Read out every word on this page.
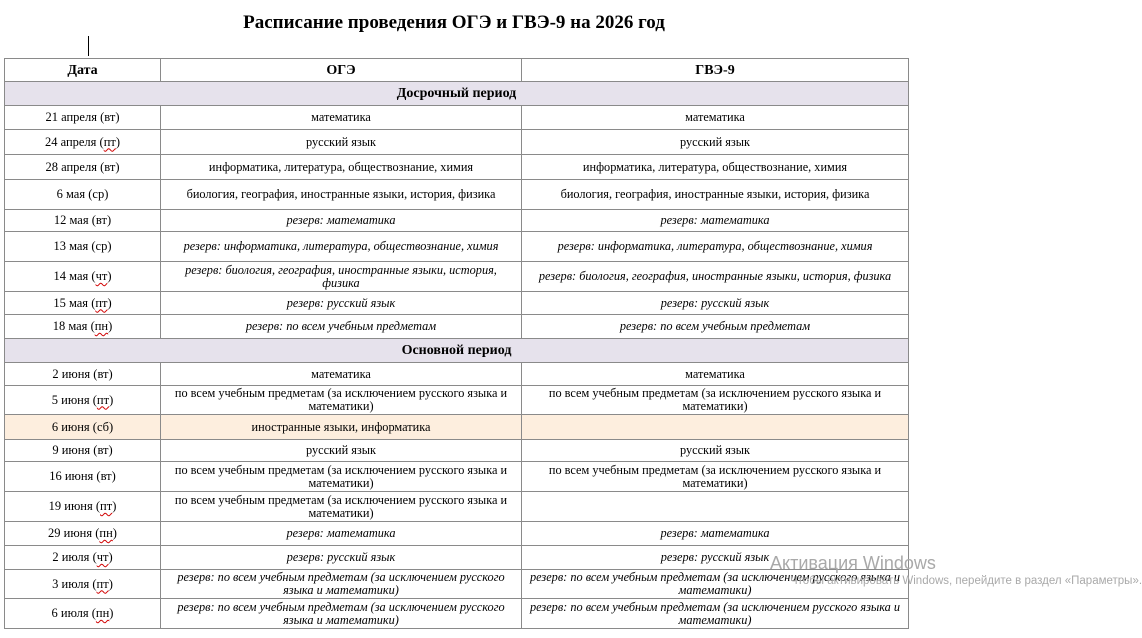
Расписание проведения ОГЭ и ГВЭ-9 на 2026 год
Дата	ОГЭ	ГВЭ-9
Досрочный период		
21 апреля (вт)	математика	математика
24 апреля (пт)	русский язык	русский язык
28 апреля (вт)	информатика, литература, обществознание, химия	информатика, литература, обществознание, химия
6 мая (ср)	биология, география, иностранные языки, история, физика	биология, география, иностранные языки, история, физика
12 мая (вт)	резерв: математика	резерв: математика
13 мая (ср)	резерв: информатика, литература, обществознание, химия	резерв: информатика, литература, обществознание, химия
14 мая (чт)	резерв: биология, география, иностранные языки, история, физика	резерв: биология, география, иностранные языки, история, физика
15 мая (пт)	резерв: русский язык	резерв: русский язык
18 мая (пн)	резерв: по всем учебным предметам	резерв: по всем учебным предметам
Основной период		
2 июня (вт)	математика	математика
5 июня (пт)	по всем учебным предметам (за исключением русского языка и математики)	по всем учебным предметам (за исключением русского языка и математики)
6 июня (сб)	иностранные языки, информатика	
9 июня (вт)	русский язык	русский язык
16 июня (вт)	по всем учебным предметам (за исключением русского языка и математики)	по всем учебным предметам (за исключением русского языка и математики)
19 июня (пт)	по всем учебным предметам (за исключением русского языка и математики)	
29 июня (пн)	резерв: математика	резерв: математика
2 июля (чт)	резерв: русский язык	резерв: русский язык
3 июля (пт)	резерв: по всем учебным предметам (за исключением русского языка и математики)	резерв: по всем учебным предметам (за исключением русского языка и математики)
6 июля (пн)	резерв: по всем учебным предметам (за исключением русского языка и математики)	резерв: по всем учебным предметам (за исключением русского языка и математики)
Активация Windows
Чтобы активировать Windows, перейдите в раздел «Параметры».
